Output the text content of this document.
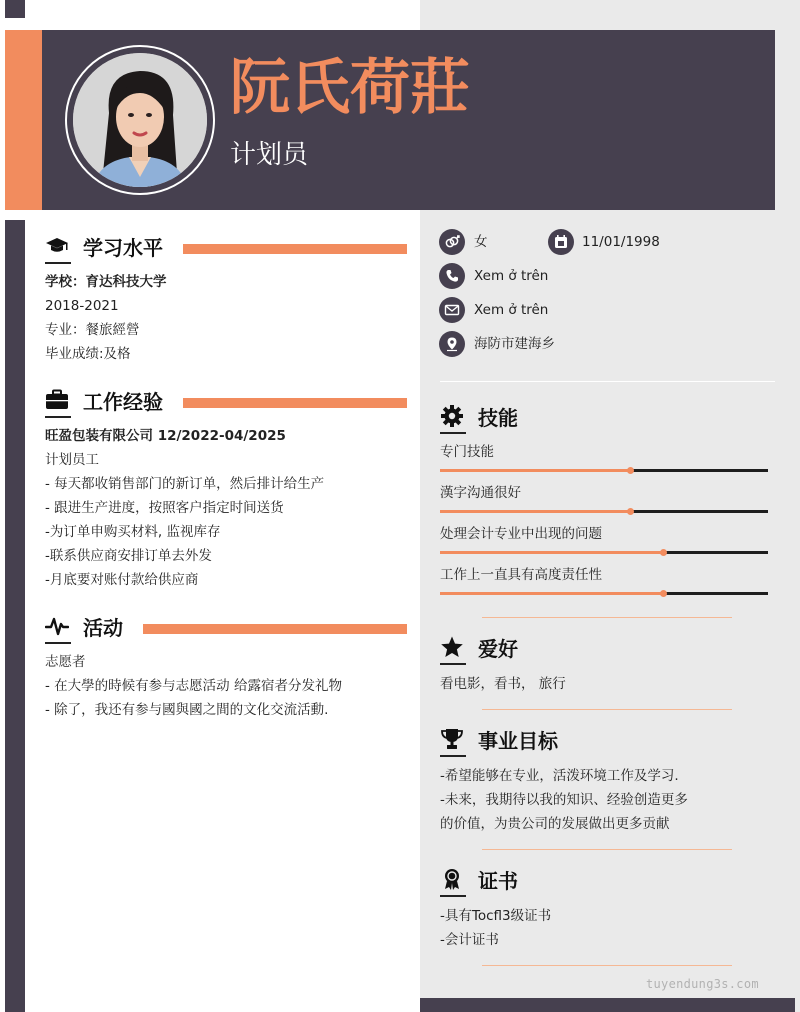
tuyendung3s.com
阮氏荷莊
计划员
学习水平
学校：育达科技大学
2018-2021
专业：餐旅經營
毕业成绩:及格
工作经验
旺盈包装有限公司 12/2022-04/2025
计划员工
- 每天都收销售部门的新订单，然后排计给生产
- 跟进生产进度，按照客户指定时间送货
-为订单申购买材料, 监视库存
-联系供应商安排订单去外发
-月底要对账付款给供应商
活动
志愿者
- 在大學的時候有参与志愿活动 给露宿者分发礼物
- 除了，我还有参与國與國之間的文化交流活動.
女	11/01/1998
Xem ở trên
Xem ở trên
海防市建海乡
技能
专门技能
漢字沟通很好
处理会计专业中出现的问题
工作上一直具有高度责任性
爱好
看电影，看书， 旅行
事业目标
-希望能够在专业，活泼环境工作及学习.
-未来，我期待以我的知识、经验创造更多
的价值，为贵公司的发展做出更多贡献
证书
-具有Tocfl3级证书
-会计证书
